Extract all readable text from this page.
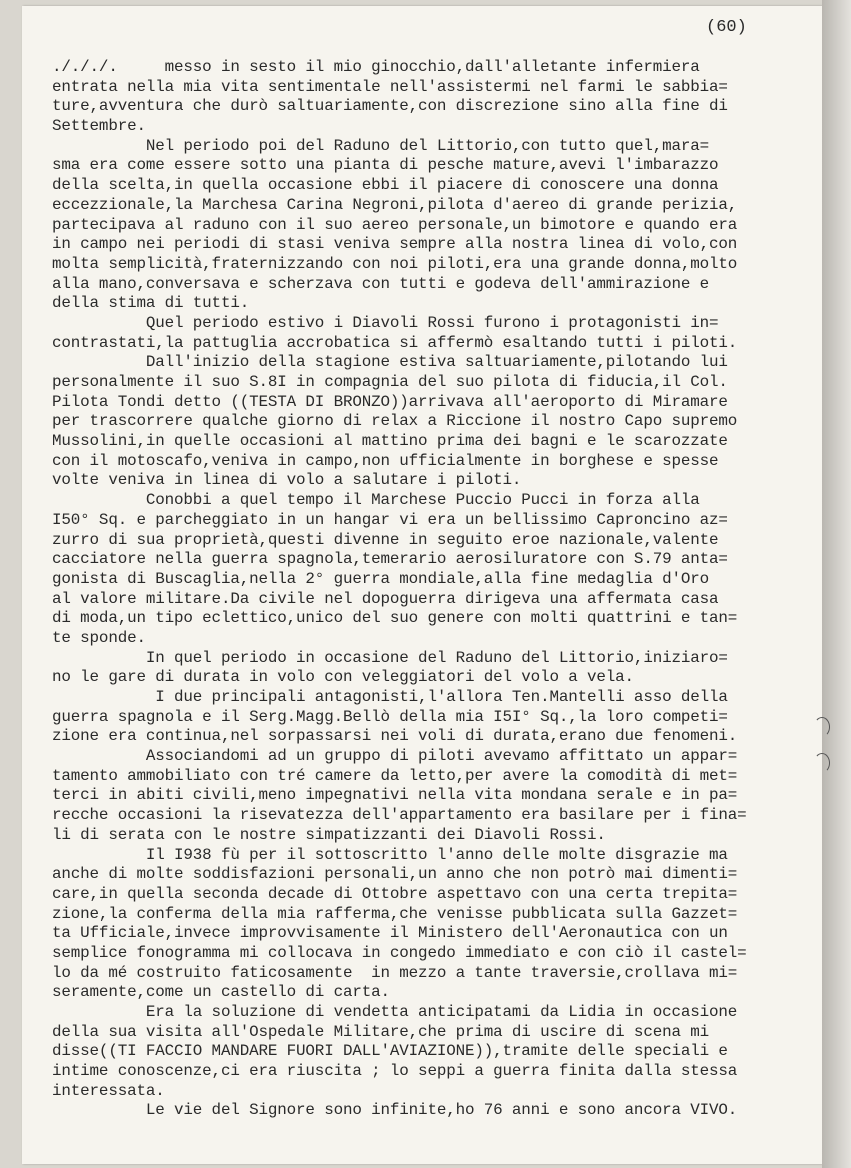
(60)
./././.     messo in sesto il mio ginocchio,dall'alletante infermiera
entrata nella mia vita sentimentale nell'assistermi nel farmi le sabbia=
ture,avventura che durò saltuariamente,con discrezione sino alla fine di
Settembre.
Nel periodo poi del Raduno del Littorio,con tutto quel,mara=
sma era come essere sotto una pianta di pesche mature,avevi l'imbarazzo
della scelta,in quella occasione ebbi il piacere di conoscere una donna
eccezzionale,la Marchesa Carina Negroni,pilota d'aereo di grande perizia,
partecipava al raduno con il suo aereo personale,un bimotore e quando era
in campo nei periodi di stasi veniva sempre alla nostra linea di volo,con
molta semplicità,fraternizzando con noi piloti,era una grande donna,molto
alla mano,conversava e scherzava con tutti e godeva dell'ammirazione e
della stima di tutti.
Quel periodo estivo i Diavoli Rossi furono i protagonisti in=
contrastati,la pattuglia accrobatica si affermò esaltando tutti i piloti.
Dall'inizio della stagione estiva saltuariamente,pilotando lui
personalmente il suo S.8I in compagnia del suo pilota di fiducia,il Col.
Pilota Tondi detto ((TESTA DI BRONZO))arrivava all'aeroporto di Miramare
per trascorrere qualche giorno di relax a Riccione il nostro Capo supremo
Mussolini,in quelle occasioni al mattino prima dei bagni e le scarozzate
con il motoscafo,veniva in campo,non ufficialmente in borghese e spesse
volte veniva in linea di volo a salutare i piloti.
Conobbi a quel tempo il Marchese Puccio Pucci in forza alla
I50° Sq. e parcheggiato in un hangar vi era un bellissimo Caproncino az=
zurro di sua proprietà,questi divenne in seguito eroe nazionale,valente
cacciatore nella guerra spagnola,temerario aerosiluratore con S.79 anta=
gonista di Buscaglia,nella 2° guerra mondiale,alla fine medaglia d'Oro
al valore militare.Da civile nel dopoguerra dirigeva una affermata casa
di moda,un tipo eclettico,unico del suo genere con molti quattrini e tan=
te sponde.
In quel periodo in occasione del Raduno del Littorio,iniziaro=
no le gare di durata in volo con veleggiatori del volo a vela.
I due principali antagonisti,l'allora Ten.Mantelli asso della
guerra spagnola e il Serg.Magg.Bellò della mia I5I° Sq.,la loro competi=
zione era continua,nel sorpassarsi nei voli di durata,erano due fenomeni.
Associandomi ad un gruppo di piloti avevamo affittato un appar=
tamento ammobiliato con tré camere da letto,per avere la comodità di met=
terci in abiti civili,meno impegnativi nella vita mondana serale e in pa=
recche occasioni la risevatezza dell'appartamento era basilare per i fina=
li di serata con le nostre simpatizzanti dei Diavoli Rossi.
Il I938 fù per il sottoscritto l'anno delle molte disgrazie ma
anche di molte soddisfazioni personali,un anno che non potrò mai dimenti=
care,in quella seconda decade di Ottobre aspettavo con una certa trepita=
zione,la conferma della mia rafferma,che venisse pubblicata sulla Gazzet=
ta Ufficiale,invece improvvisamente il Ministero dell'Aeronautica con un
semplice fonogramma mi collocava in congedo immediato e con ciò il castel=
lo da mé costruito faticosamente  in mezzo a tante traversie,crollava mi=
seramente,come un castello di carta.
Era la soluzione di vendetta anticipatami da Lidia in occasione
della sua visita all'Ospedale Militare,che prima di uscire di scena mi
disse((TI FACCIO MANDARE FUORI DALL'AVIAZIONE)),tramite delle speciali e
intime conoscenze,ci era riuscita ; lo seppi a guerra finita dalla stessa
interessata.
Le vie del Signore sono infinite,ho 76 anni e sono ancora VIVO.
